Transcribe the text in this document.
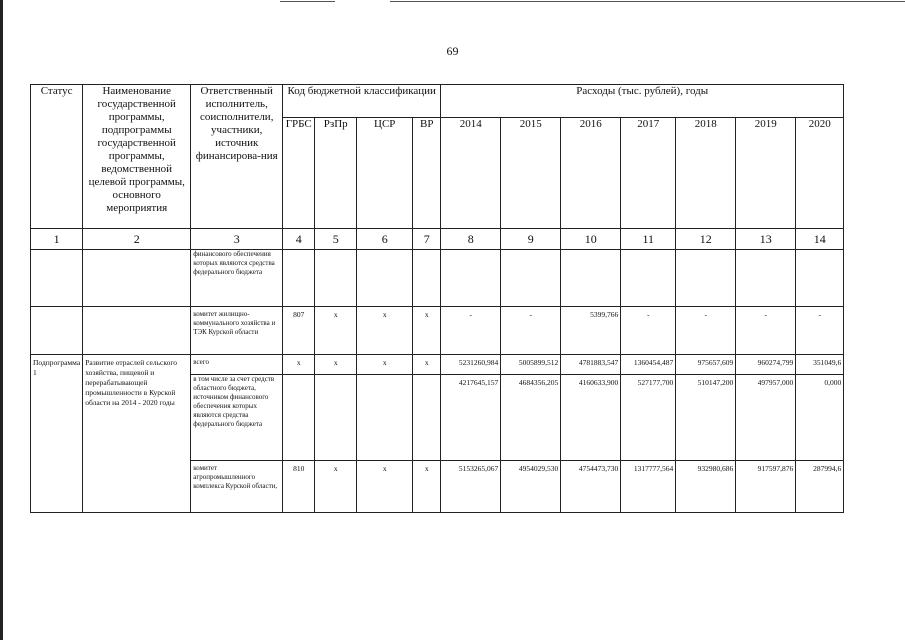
69
Статус	Наименование государственной программы, подпрограммы государственной программы, ведомственной целевой программы, основного мероприятия	Ответственный исполнитель, соисполнители, участники, источник финансирова-ния	Код бюджетной классификации				Расходы (тыс. рублей), годы						
			ГРБС	РзПр	ЦСР	ВР	2014	2015	2016	2017	2018	2019	2020
1	2	3	4	5	6	7	8	9	10	11	12	13	14
		финансового обеспечения которых являются средства федерального бюджета											
		комитет жилищно-коммунального хозяйства и ТЭК Курской области	807	х	х	х	-	-	5399,766	-	-	-	-
Подпрограмма 1	Развитие отраслей сельского хозяйства, пищевой и перерабатывающей промышленности в Курской области на 2014 - 2020 годы	всего	х	х	х	х	5231260,984	5005899,512	4781883,547	1360454,487	975657,609	960274,799	351049,6
		в том числе за счет средств областного бюджета, источником финансового обеспечения которых являются средства федерального бюджета					4217645,157	4684356,205	4160633,900	527177,700	510147,200	497957,000	0,000
		комитет агропромышленного комплекса Курской области,	810	х	х	х	5153265,067	4954029,530	4754473,730	1317777,564	932980,686	917597,876	287994,6
